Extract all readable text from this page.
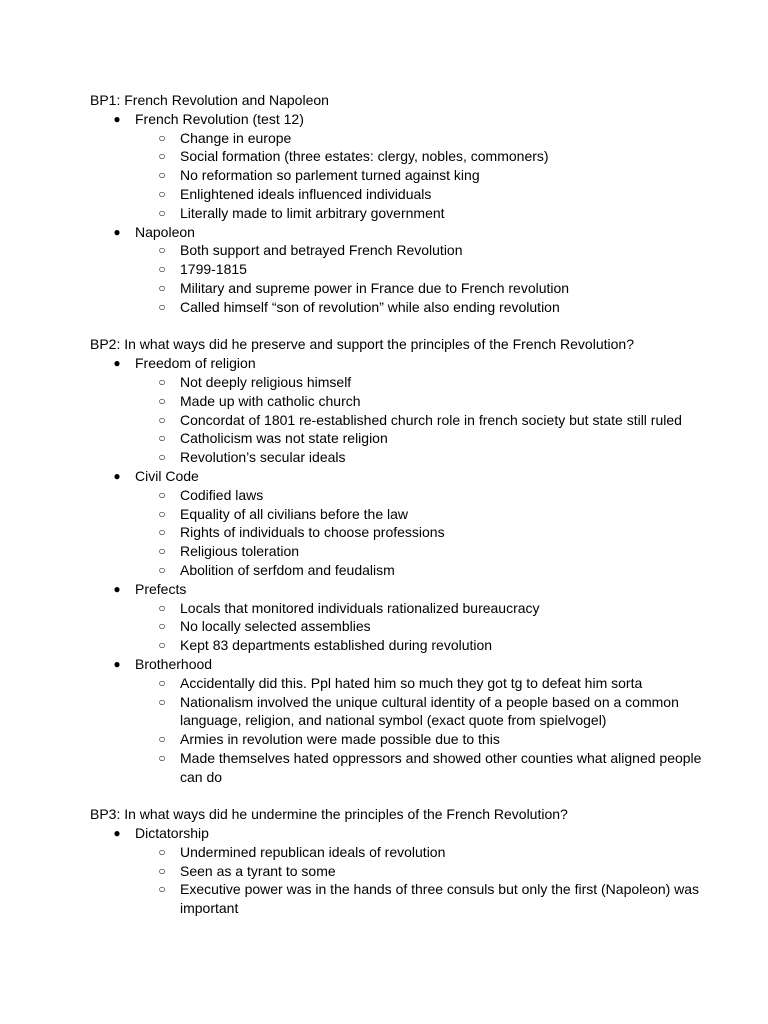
BP1: French Revolution and Napoleon

● French Revolution (test 12)
○ Change in europe
○ Social formation (three estates: clergy, nobles, commoners)
○ No reformation so parlement turned against king
○ Enlightened ideals influenced individuals
○ Literally made to limit arbitrary government
● Napoleon
○ Both support and betrayed French Revolution
○ 1799-1815
○ Military and supreme power in France due to French revolution
○ Called himself “son of revolution” while also ending revolution

BP2: In what ways did he preserve and support the principles of the French Revolution?

● Freedom of religion
○ Not deeply religious himself
○ Made up with catholic church
○ Concordat of 1801 re-established church role in french society but state still ruled
○ Catholicism was not state religion
○ Revolution’s secular ideals
● Civil Code
○ Codified laws
○ Equality of all civilians before the law
○ Rights of individuals to choose professions
○ Religious toleration
○ Abolition of serfdom and feudalism
● Prefects
○ Locals that monitored individuals rationalized bureaucracy
○ No locally selected assemblies
○ Kept 83 departments established during revolution
● Brotherhood
○ Accidentally did this. Ppl hated him so much they got tg to defeat him sorta
○ Nationalism involved the unique cultural identity of a people based on a common language, religion, and national symbol (exact quote from spielvogel)
○ Armies in revolution were made possible due to this
○ Made themselves hated oppressors and showed other counties what aligned people can do

BP3: In what ways did he undermine the principles of the French Revolution?

● Dictatorship
○ Undermined republican ideals of revolution
○ Seen as a tyrant to some
○ Executive power was in the hands of three consuls but only the first (Napoleon) was important
